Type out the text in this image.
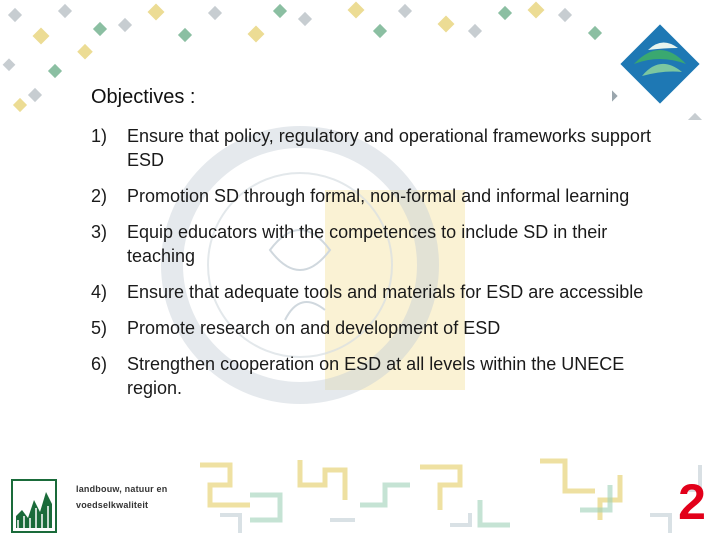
Objectives :
1)	Ensure that policy, regulatory and operational frameworks support ESD
2)	Promotion SD through formal, non-formal and informal learning
3)	Equip educators with the competences to include SD in their teaching
4)	Ensure that adequate tools and materials for ESD are accessible
5)	Promote research on and development of ESD
6)	Strengthen cooperation on ESD at all levels within the UNECE region.
landbouw, natuur en
voedselkwaliteit	2
